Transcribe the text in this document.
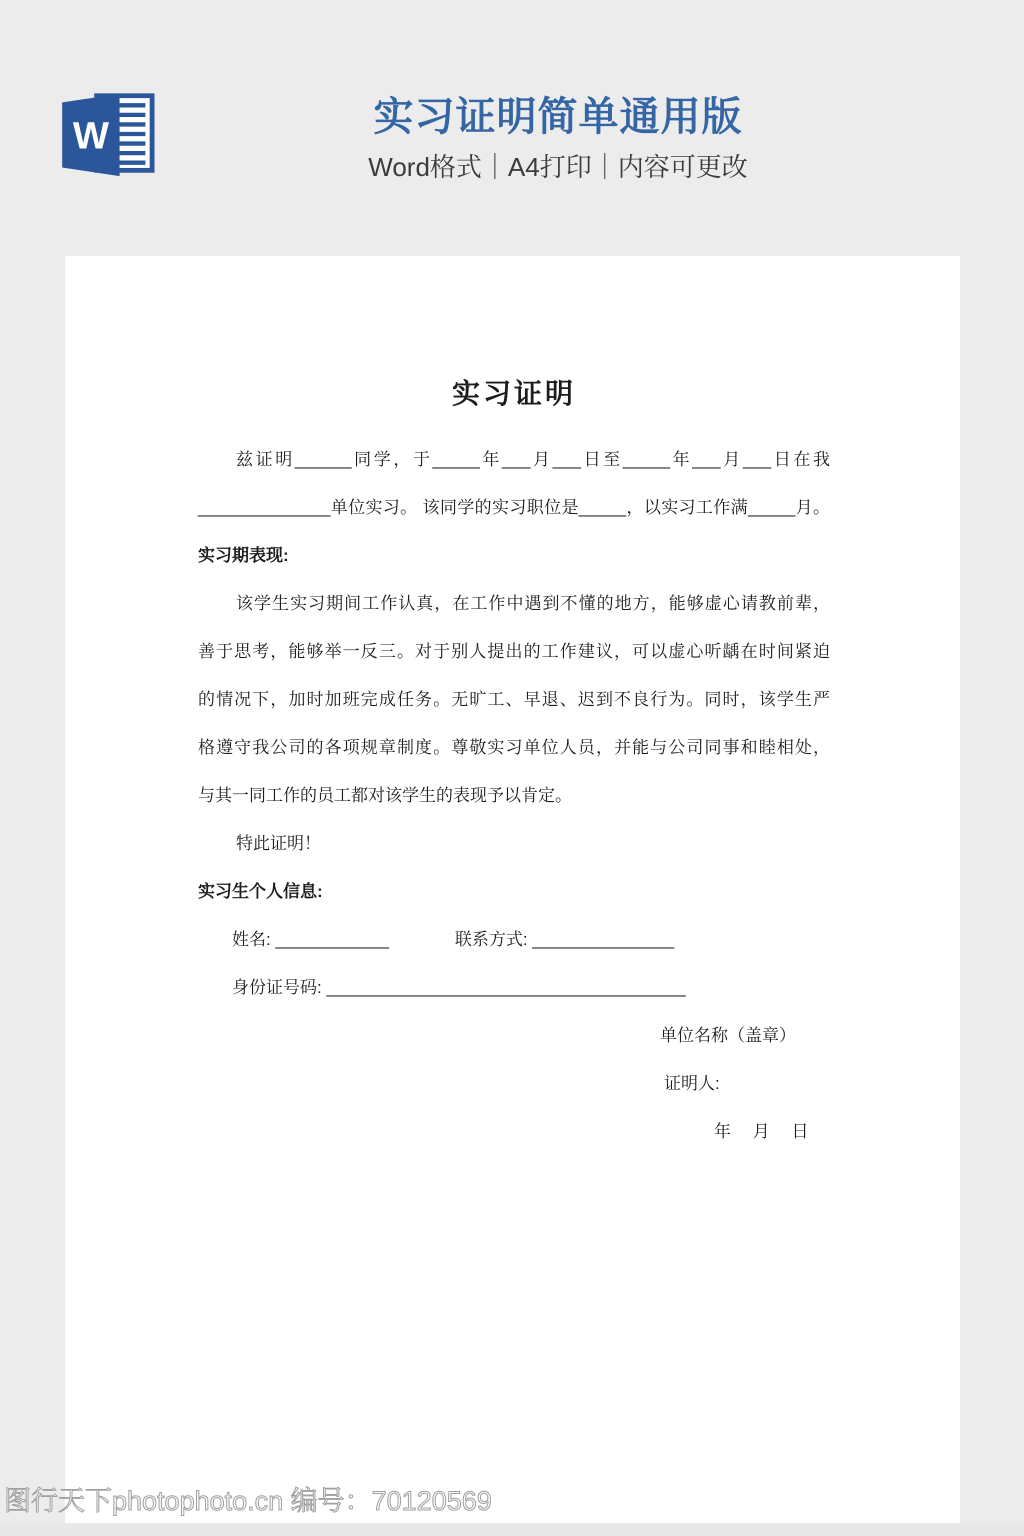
W	实习证明简单通用版

Word格式｜A4打印｜内容可更改

实习证明

兹证明______同学，于_____年___月___日至_____年___月___日在我

______________单位实习。 该同学的实习职位是_____，以实习工作满_____月。

实习期表现:

该学生实习期间工作认真，在工作中遇到不懂的地方，能够虚心请教前辈，

善于思考，能够举一反三。对于别人提出的工作建议，可以虚心听龋在时间紧迫

的情况下，加时加班完成任务。无旷工、早退、迟到不良行为。同时，该学生严

格遵守我公司的各项规章制度。尊敬实习单位人员，并能与公司同事和睦相处，

与其一同工作的员工都对该学生的表现予以肯定。

特此证明！

实习生个人信息:

姓名: ____________	联系方式: _______________

身份证号码: ______________________________________

单位名称（盖章）

证明人:

年　 月　 日

图行天下photophoto.cn 编号：70120569
